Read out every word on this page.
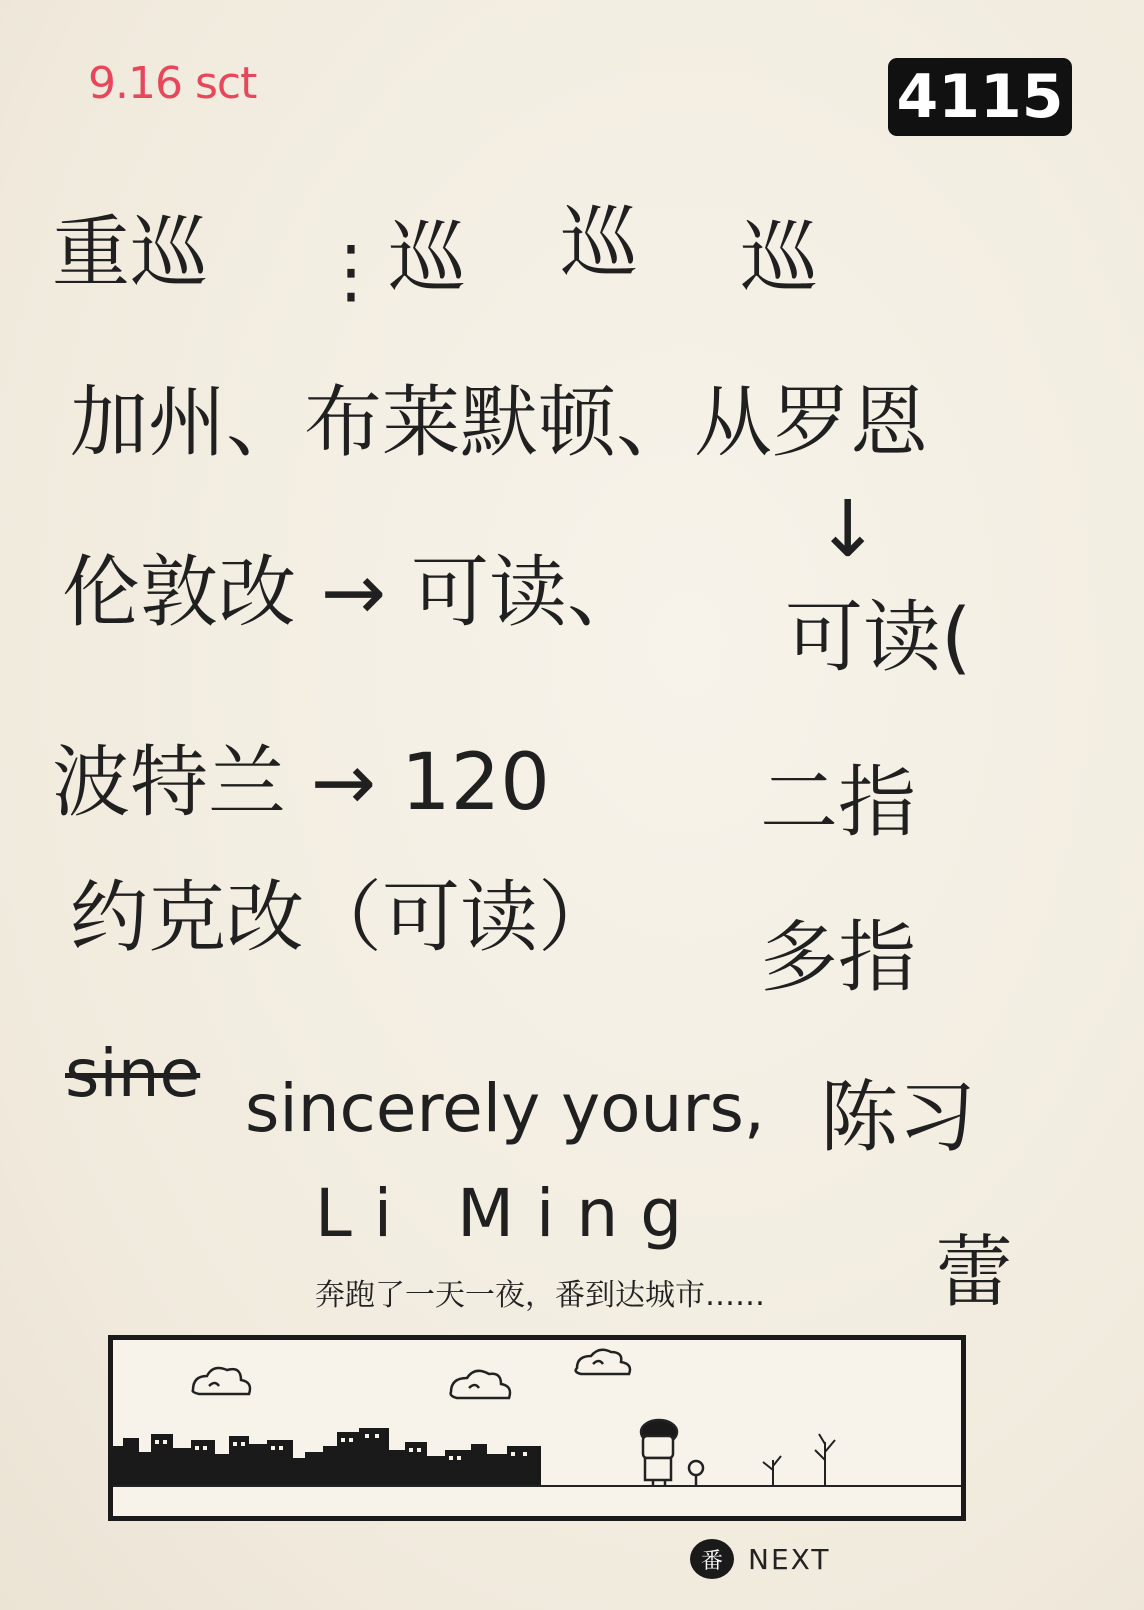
9.16 sct	4115
重巡 ⋮ 巡 巡 巡
加州、布莱默顿、从罗恩
伦敦改 → 可读、
↓
可读(
波特兰 → 120	二指
约克改（可读） 多指
sine sincerely yours,
Li Ming
陈习
蕾
奔跑了一天一夜，番到达城市……
番 NEXT
